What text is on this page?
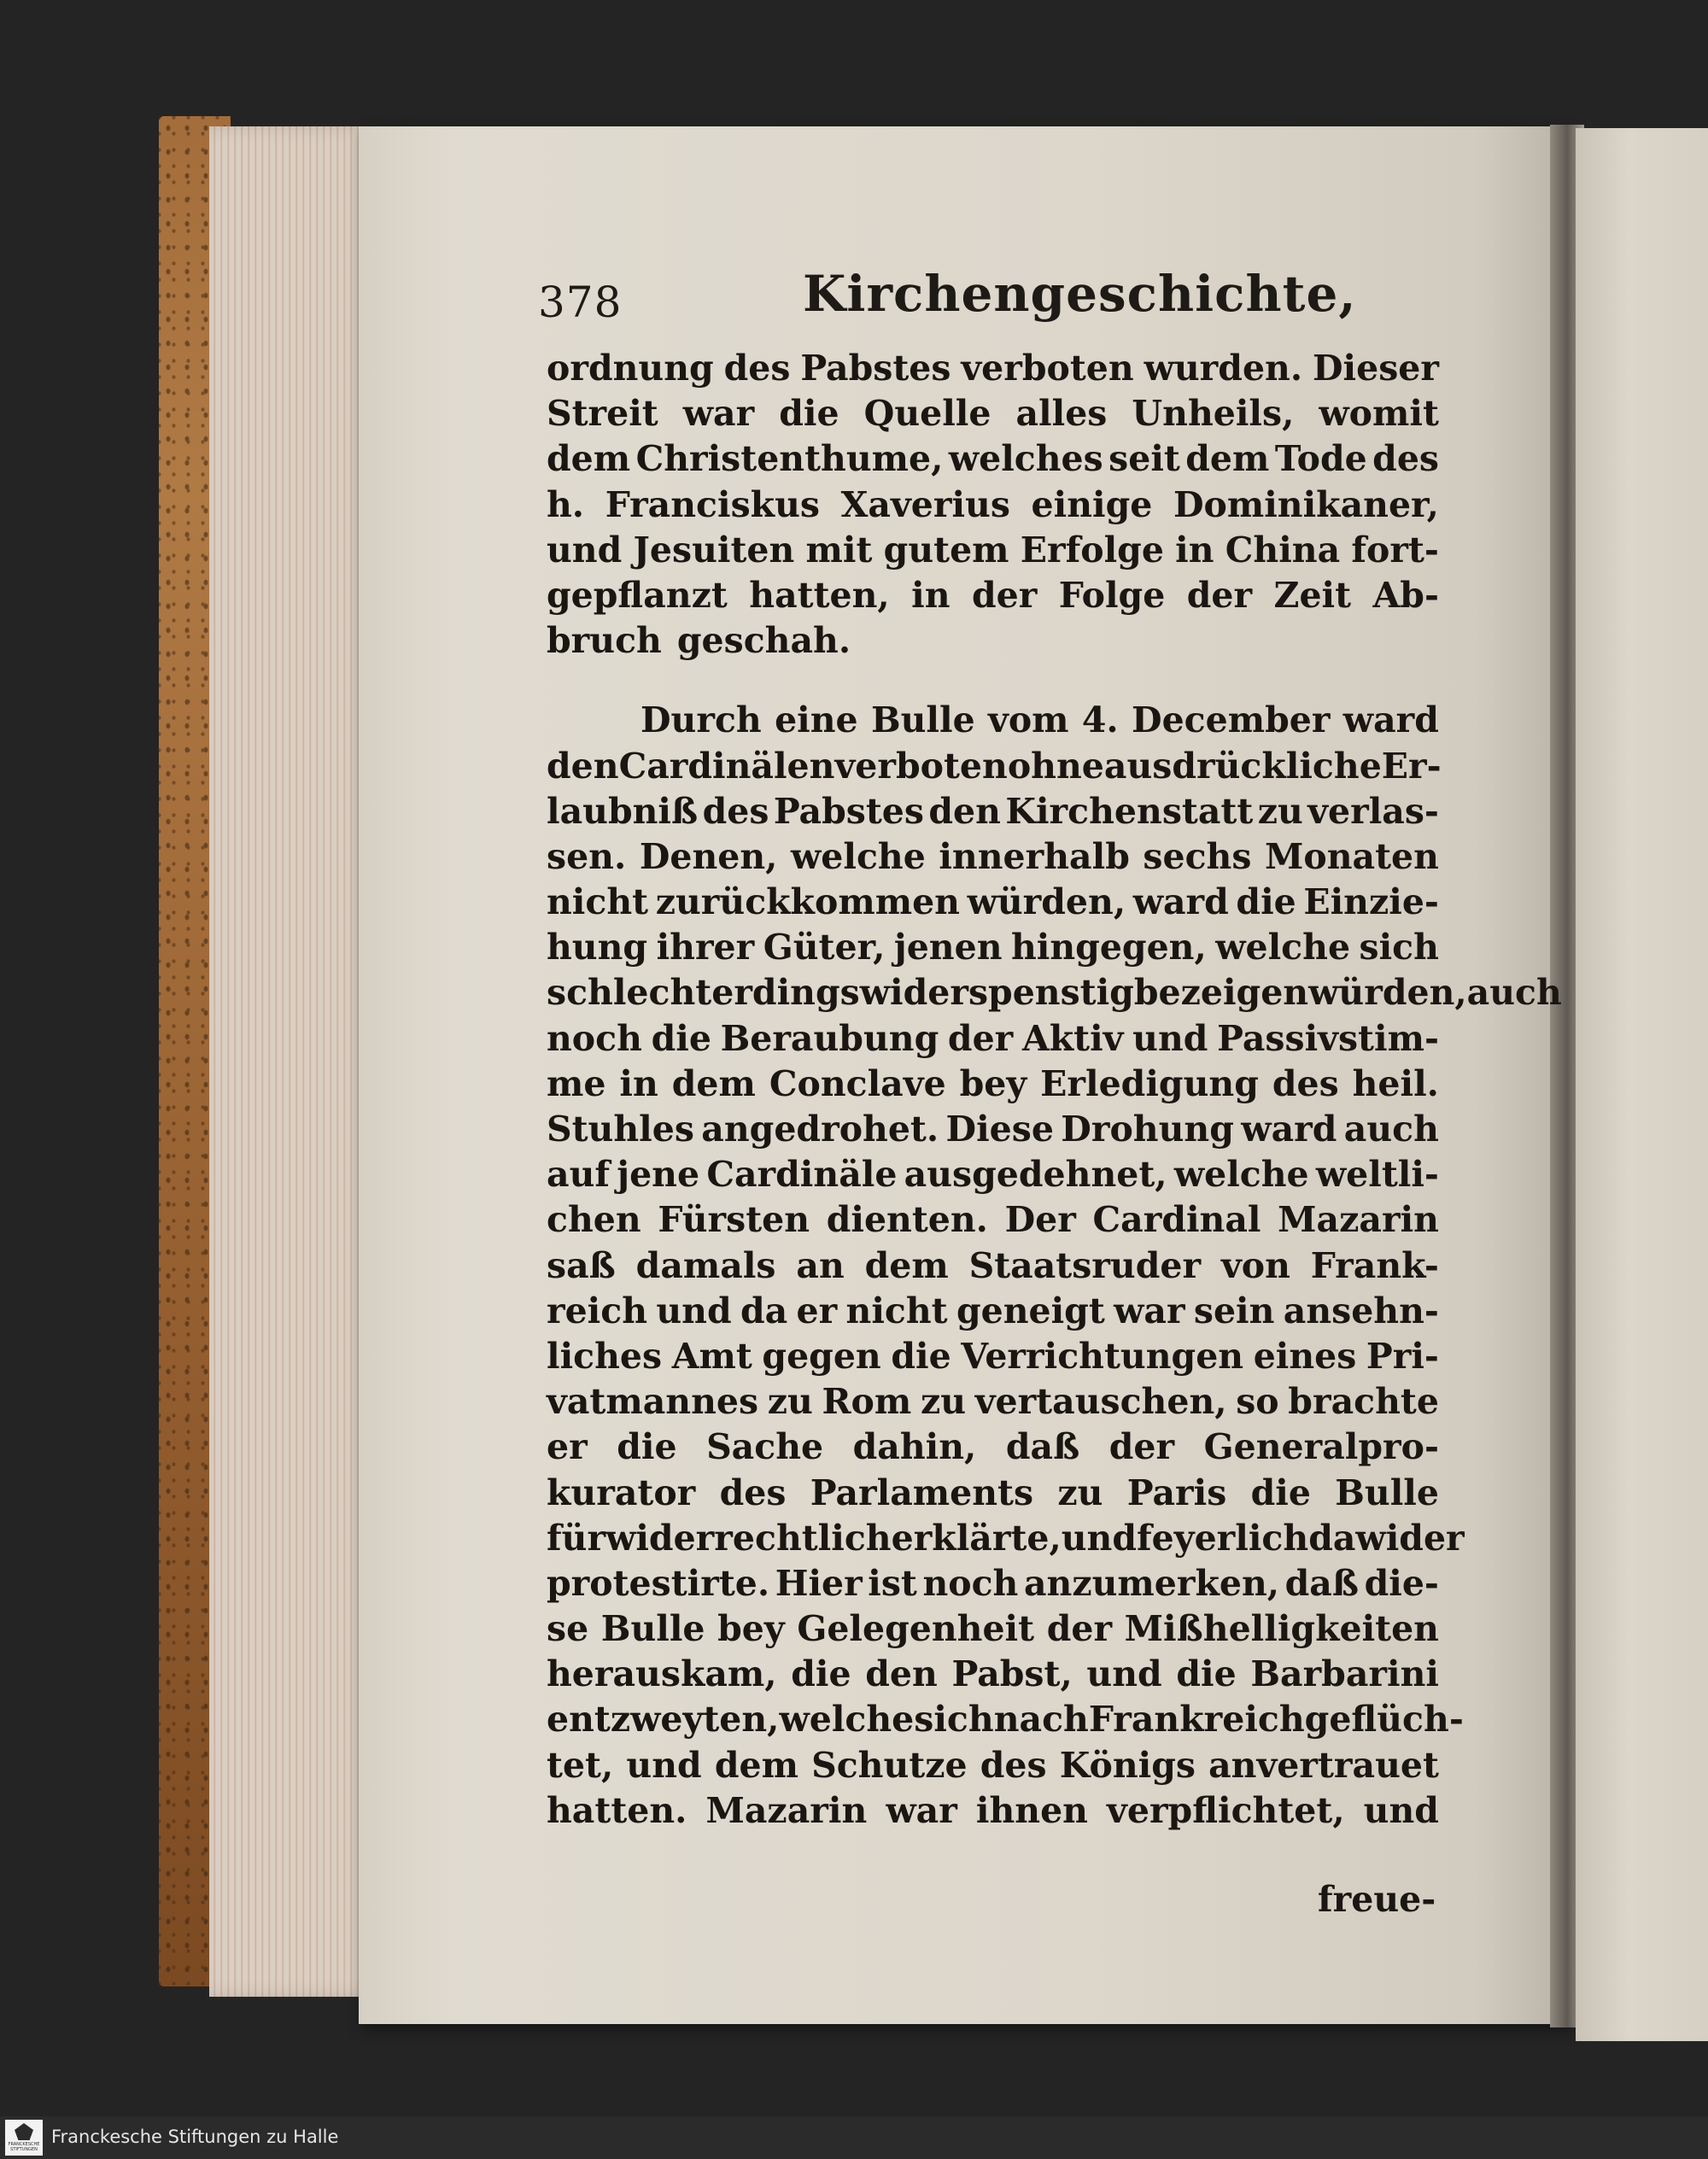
378	Kirchengeschichte,
ordnung des Pabstes verboten wurden. Dieser
Streit war die Quelle alles Unheils, womit
dem Christenthume, welches seit dem Tode des
h. Franciskus Xaverius einige Dominikaner,
und Jesuiten mit gutem Erfolge in China fort-
gepflanzt hatten, in der Folge der Zeit Ab-
bruch geschah.
Durch eine Bulle vom 4. December ward
den Cardinälen verboten ohne ausdrückliche Er-
laubniß des Pabstes den Kirchenstatt zu verlas-
sen. Denen, welche innerhalb sechs Monaten
nicht zurückkommen würden, ward die Einzie-
hung ihrer Güter, jenen hingegen, welche sich
schlechterdings widerspenstig bezeigen würden, auch
noch die Beraubung der Aktiv und Passivstim-
me in dem Conclave bey Erledigung des heil.
Stuhles angedrohet. Diese Drohung ward auch
auf jene Cardinäle ausgedehnet, welche weltli-
chen Fürsten dienten. Der Cardinal Mazarin
saß damals an dem Staatsruder von Frank-
reich und da er nicht geneigt war sein ansehn-
liches Amt gegen die Verrichtungen eines Pri-
vatmannes zu Rom zu vertauschen, so brachte
er die Sache dahin, daß der Generalpro-
kurator des Parlaments zu Paris die Bulle
für widerrechtlich erklärte, und feyerlich dawider
protestirte. Hier ist noch anzumerken, daß die-
se Bulle bey Gelegenheit der Mißhelligkeiten
herauskam, die den Pabst, und die Barbarini
entzweyten, welche sich nach Frankreich geflüch-
tet, und dem Schutze des Königs anvertrauet
hatten. Mazarin war ihnen verpflichtet, und
freue-
FRANCKESCHE STIFTUNGEN
Franckesche Stiftungen zu Halle
